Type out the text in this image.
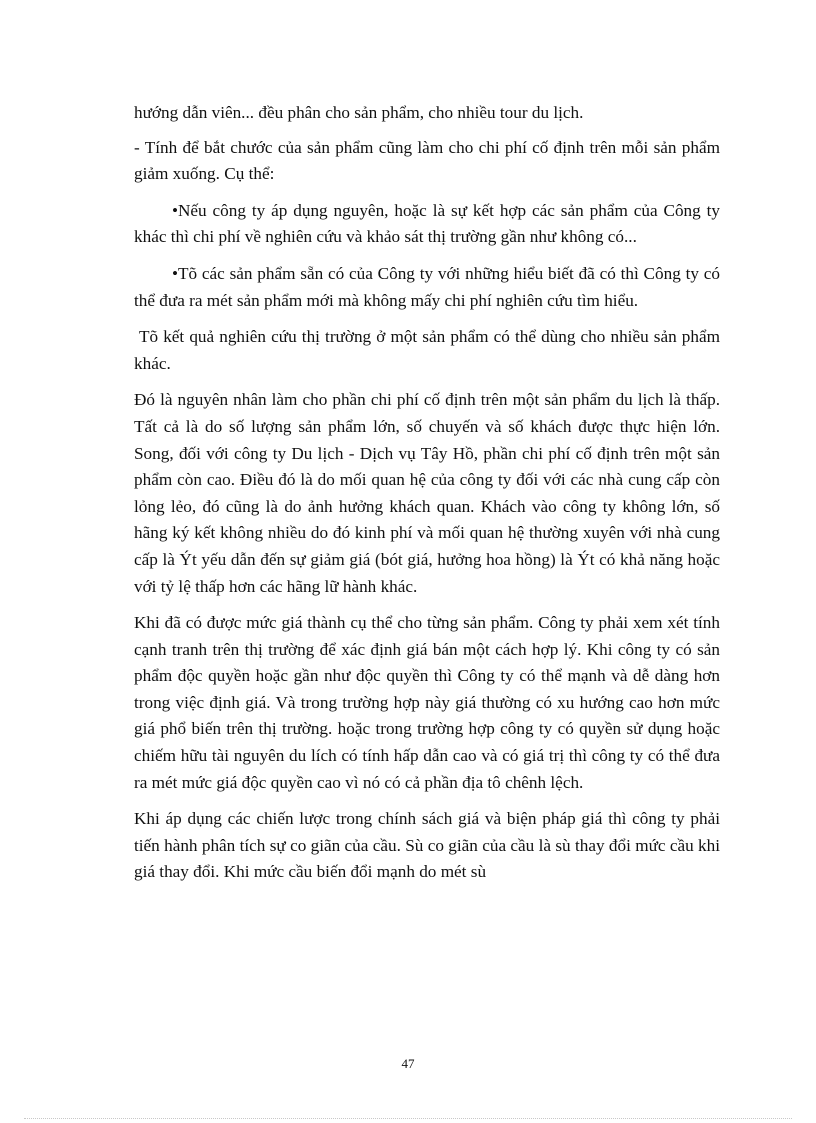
hướng dẫn viên... đều phân cho sản phẩm, cho nhiều tour du lịch.

- Tính để bắt chước của sản phẩm cũng làm cho chi phí cố định trên mỗi sản phẩm giảm xuống. Cụ thể:

•Nếu công ty áp dụng nguyên, hoặc là sự kết hợp các sản phẩm của Công ty khác thì chi phí về nghiên cứu và khảo sát thị trường gần như không có...

•Tõ các sản phẩm sẵn có của Công ty với những hiểu biết đã có thì Công ty có thể đưa ra mét sản phẩm mới mà không mấy chi phí nghiên cứu tìm hiểu.

Tõ kết quả nghiên cứu thị trường ở một sản phẩm có thể dùng cho nhiều sản phẩm khác.

Đó là nguyên nhân làm cho phần chi phí cố định trên một sản phẩm du lịch là thấp. Tất cả là do số lượng sản phẩm lớn, số chuyến và số khách được thực hiện lớn. Song, đối với công ty Du lịch - Dịch vụ Tây Hồ, phần chi phí cố định trên một sản phẩm còn cao. Điều đó là do mối quan hệ của công ty đối với các nhà cung cấp còn lỏng lẻo, đó cũng là do ảnh hưởng khách quan. Khách vào công ty không lớn, số hãng ký kết không nhiều do đó kinh phí và mối quan hệ thường xuyên với nhà cung cấp là Ýt yếu dẫn đến sự giảm giá (bót giá, hưởng hoa hồng) là Ýt có khả năng hoặc với tỷ lệ thấp hơn các hãng lữ hành khác.

Khi đã có được mức giá thành cụ thể cho từng sản phẩm. Công ty phải xem xét tính cạnh tranh trên thị trường để xác định giá bán một cách hợp lý. Khi công ty có sản phẩm độc quyền hoặc gần như độc quyền thì Công ty có thể mạnh và dễ dàng hơn trong việc định giá. Và trong trường hợp này giá thường có xu hướng cao hơn mức giá phổ biến trên thị trường. hoặc trong trường hợp công ty có quyền sử dụng hoặc chiếm hữu tài nguyên du lích có tính hấp dẫn cao và có giá trị thì công ty có thể đưa ra mét mức giá độc quyền cao vì nó có cả phần địa tô chênh lệch.

Khi áp dụng các chiến lược trong chính sách giá và biện pháp giá thì công ty phải tiến hành phân tích sự co giãn của cầu. Sù co giãn của cầu là sù thay đổi mức cầu khi giá thay đổi. Khi mức cầu biến đổi mạnh do mét sù

47
